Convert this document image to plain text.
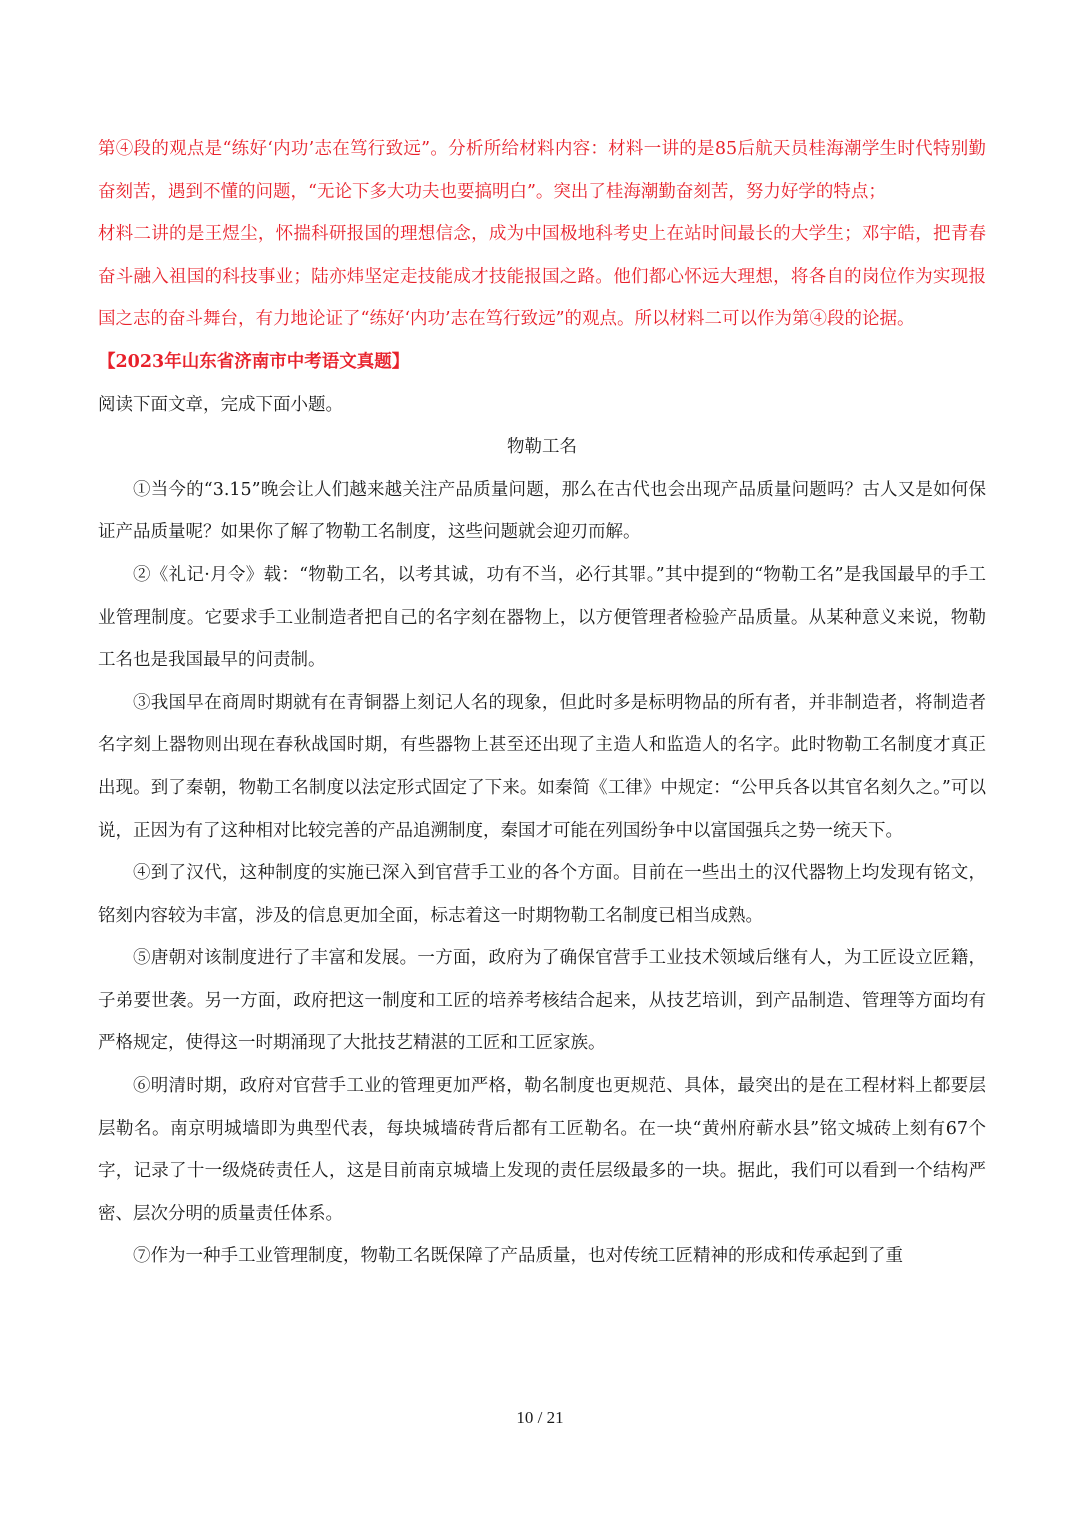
第④段的观点是“练好‘内功’志在笃行致远”。分析所给材料内容：材料一讲的是85后航天员桂海潮学生时代特别勤奋刻苦，遇到不懂的问题，“无论下多大功夫也要搞明白”。突出了桂海潮勤奋刻苦，努力好学的特点；

材料二讲的是王煜尘，怀揣科研报国的理想信念，成为中国极地科考史上在站时间最长的大学生；邓宇皓，把青春奋斗融入祖国的科技事业；陆亦炜坚定走技能成才技能报国之路。他们都心怀远大理想，将各自的岗位作为实现报国之志的奋斗舞台，有力地论证了“练好‘内功’志在笃行致远”的观点。所以材料二可以作为第④段的论据。

【2023年山东省济南市中考语文真题】

阅读下面文章，完成下面小题。

物勒工名

①当今的“3.15”晚会让人们越来越关注产品质量问题，那么在古代也会出现产品质量问题吗？古人又是如何保证产品质量呢？如果你了解了物勒工名制度，这些问题就会迎刃而解。

②《礼记·月令》载：“物勒工名，以考其诚，功有不当，必行其罪。”其中提到的“物勒工名”是我国最早的手工业管理制度。它要求手工业制造者把自己的名字刻在器物上，以方便管理者检验产品质量。从某种意义来说，物勒工名也是我国最早的问责制。

③我国早在商周时期就有在青铜器上刻记人名的现象，但此时多是标明物品的所有者，并非制造者，将制造者名字刻上器物则出现在春秋战国时期，有些器物上甚至还出现了主造人和监造人的名字。此时物勒工名制度才真正出现。到了秦朝，物勒工名制度以法定形式固定了下来。如秦简《工律》中规定：“公甲兵各以其官名刻久之。”可以说，正因为有了这种相对比较完善的产品追溯制度，秦国才可能在列国纷争中以富国强兵之势一统天下。

④到了汉代，这种制度的实施已深入到官营手工业的各个方面。目前在一些出土的汉代器物上均发现有铭文，铭刻内容较为丰富，涉及的信息更加全面，标志着这一时期物勒工名制度已相当成熟。

⑤唐朝对该制度进行了丰富和发展。一方面，政府为了确保官营手工业技术领域后继有人，为工匠设立匠籍，子弟要世袭。另一方面，政府把这一制度和工匠的培养考核结合起来，从技艺培训，到产品制造、管理等方面均有严格规定，使得这一时期涌现了大批技艺精湛的工匠和工匠家族。

⑥明清时期，政府对官营手工业的管理更加严格，勒名制度也更规范、具体，最突出的是在工程材料上都要层层勒名。南京明城墙即为典型代表，每块城墙砖背后都有工匠勒名。在一块“黄州府蕲水县”铭文城砖上刻有67个字，记录了十一级烧砖责任人，这是目前南京城墙上发现的责任层级最多的一块。据此，我们可以看到一个结构严密、层次分明的质量责任体系。

⑦作为一种手工业管理制度，物勒工名既保障了产品质量，也对传统工匠精神的形成和传承起到了重

10 / 21
